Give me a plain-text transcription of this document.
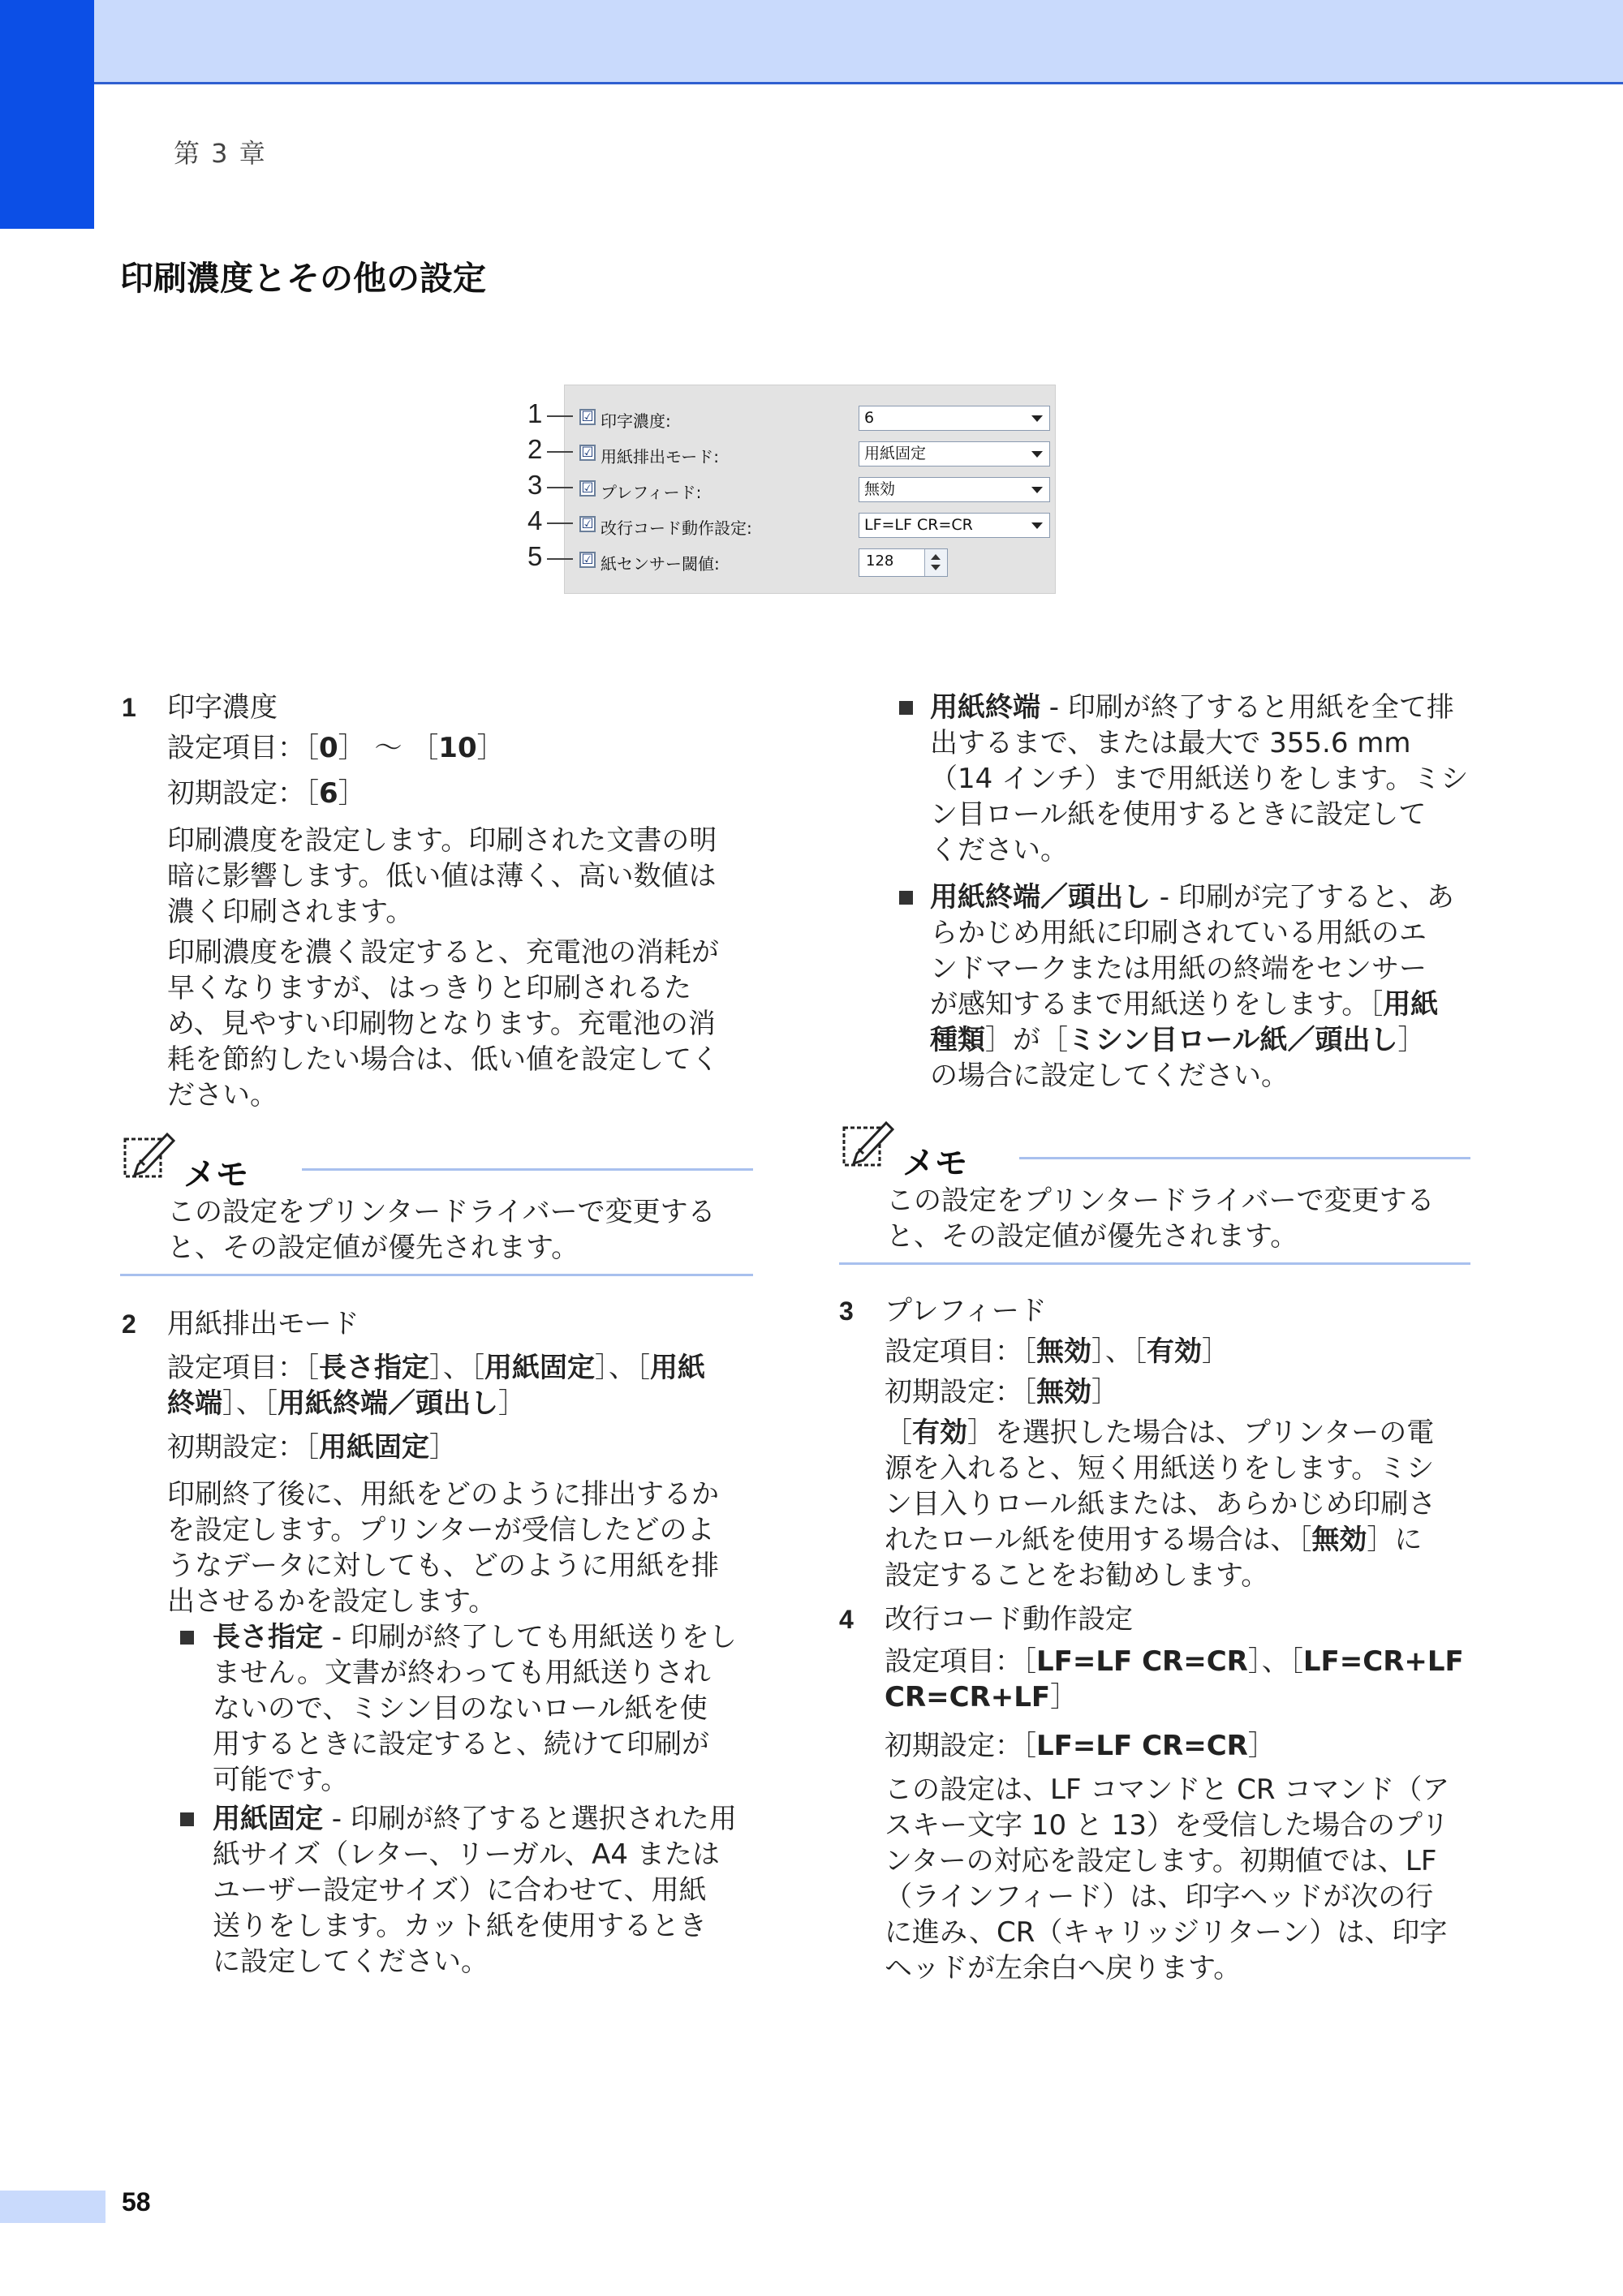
第 3 章
印刷濃度とその他の設定
1	☑ 印字濃度:	6
2	☑ 用紙排出モード:	用紙固定
3	☑ プレフィード:	無効
4	☑ 改行コード動作設定:	LF=LF CR=CR
5	☑ 紙センサー閾値:	128
1 印字濃度
設定項目：［0］ ～ ［10］
初期設定：［6］

印刷濃度を設定します。印刷された文書の明

暗に影響します。低い値は薄く、高い数値は

濃く印刷されます。

印刷濃度を濃く設定すると、充電池の消耗が

早くなりますが、はっきりと印刷されるた

め、見やすい印刷物となります。充電池の消

耗を節約したい場合は、低い値を設定してく

ださい。

メモ

この設定をプリンタードライバーで変更する

と、その設定値が優先されます。

2 用紙排出モード

設定項目：［長さ指定］、［用紙固定］、［用紙

終端］、［用紙終端／頭出し］

初期設定：［用紙固定］

印刷終了後に、用紙をどのように排出するか

を設定します。プリンターが受信したどのよ

うなデータに対しても、どのように用紙を排

出させるかを設定します。

長さ指定 - 印刷が終了しても用紙送りをし

ません。文書が終わっても用紙送りされ

ないので、ミシン目のないロール紙を使

用するときに設定すると、続けて印刷が

可能です。

用紙固定 - 印刷が終了すると選択された用

紙サイズ（レター、リーガル、A4 または

ユーザー設定サイズ）に合わせて、用紙

送りをします。カット紙を使用するとき

に設定してください。

用紙終端 - 印刷が終了すると用紙を全て排

出するまで、または最大で 355.6 mm

（14 インチ）まで用紙送りをします。ミシ

ン目ロール紙を使用するときに設定して

ください。

用紙終端／頭出し - 印刷が完了すると、あ

らかじめ用紙に印刷されている用紙のエ

ンドマークまたは用紙の終端をセンサー

が感知するまで用紙送りをします。［用紙

種類］が［ミシン目ロール紙／頭出し］

の場合に設定してください。

メモ

この設定をプリンタードライバーで変更する

と、その設定値が優先されます。

3 プレフィード
設定項目：［無効］、［有効］
初期設定：［無効］

［有効］を選択した場合は、プリンターの電

源を入れると、短く用紙送りをします。ミシ

ン目入りロール紙または、あらかじめ印刷さ

れたロール紙を使用する場合は、［無効］に

設定することをお勧めします。

4 改行コード動作設定

設定項目：［LF=LF CR=CR］、［LF=CR+LF

CR=CR+LF］

初期設定：［LF=LF CR=CR］

この設定は、LF コマンドと CR コマンド（ア

スキー文字 10 と 13）を受信した場合のプリ

ンターの対応を設定します。初期値では、LF

（ラインフィード）は、印字ヘッドが次の行

に進み、CR（キャリッジリターン）は、印字

ヘッドが左余白へ戻ります。

58
